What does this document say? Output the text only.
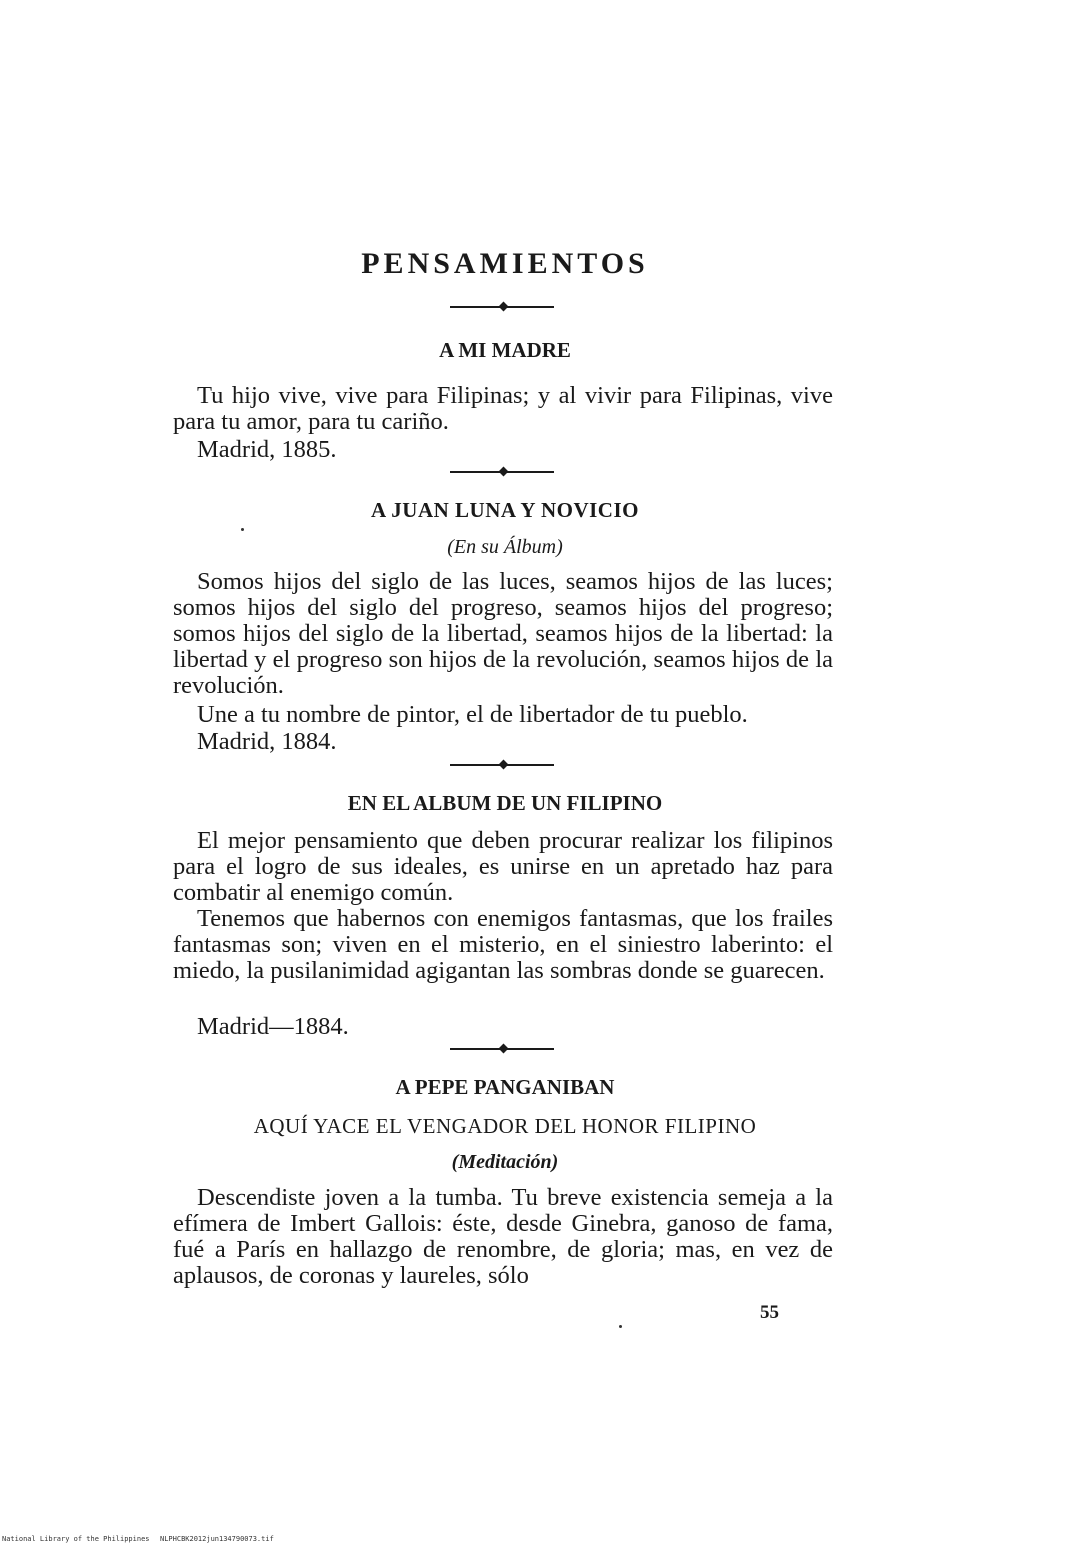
PENSAMIENTOS
A MI MADRE

Tu hijo vive, vive para Filipinas; y al vivir para Filipinas, vive para tu amor, para tu cariño.

Madrid, 1885.
A JUAN LUNA Y NOVICIO
(En su Álbum)

Somos hijos del siglo de las luces, seamos hijos de las luces; somos hijos del siglo del progreso, seamos hijos del progreso; somos hijos del siglo de la libertad, seamos hijos de la libertad: la libertad y el progreso son hijos de la revolución, seamos hijos de la revolución.

Une a tu nombre de pintor, el de libertador de tu pueblo.

Madrid, 1884.
EN EL ALBUM DE UN FILIPINO

El mejor pensamiento que deben procurar realizar los filipinos para el logro de sus ideales, es unirse en un apretado haz para combatir al enemigo común.

Tenemos que habernos con enemigos fantasmas, que los frailes fantasmas son; viven en el misterio, en el siniestro laberinto: el miedo, la pusilanimidad agigantan las sombras donde se guarecen.

Madrid—1884.
A PEPE PANGANIBAN
AQUÍ YACE EL VENGADOR DEL HONOR FILIPINO
(Meditación)

Descendiste joven a la tumba. Tu breve existencia semeja a la efímera de Imbert Gallois: éste, desde Ginebra, ganoso de fama, fué a París en hallazgo de renombre, de gloria; mas, en vez de aplausos, de coronas y laureles, sólo

55
National Library of the Philippines NLPHCBK2012jun134790073.tif
